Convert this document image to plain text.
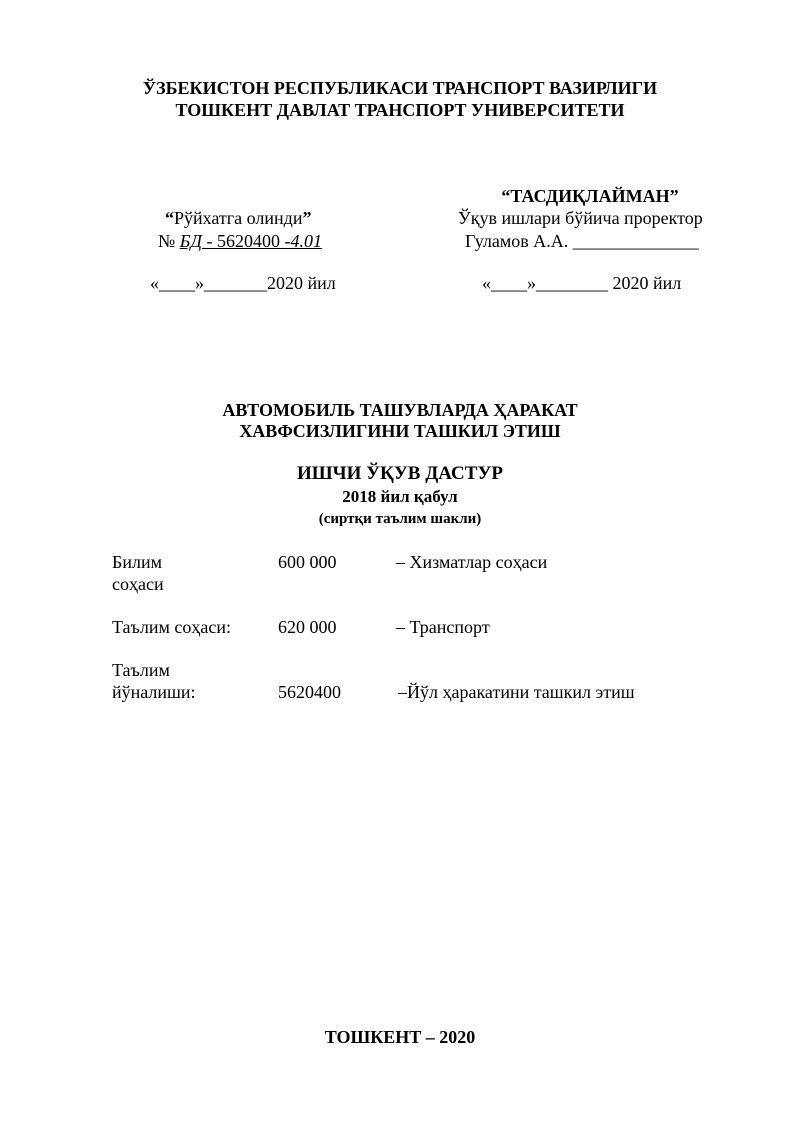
ЎЗБЕКИСТОН РЕСПУБЛИКАСИ ТРАНСПОРТ ВАЗИРЛИГИ
ТОШКЕНТ ДАВЛАТ ТРАНСПОРТ УНИВЕРСИТЕТИ
“ТАСДИҚЛАЙМАН”
Ўқув ишлари бўйича проректор
Гуламов А.А. ______________
«____»________ 2020 йил
“Рўйхатга олинди”
№ БД - 5620400 -4.01
«____»_______2020 йил
АВТОМОБИЛЬ ТАШУВЛАРДА ҲАРАКАТ
ХАВФСИЗЛИГИНИ ТАШКИЛ ЭТИШ
ИШЧИ ЎҚУВ ДАСТУР
2018 йил қабул
(сиртқи таълим шакли)
Билим
соҳаси
600 000	– Хизматлар соҳаси
Таълим соҳаси:	620 000	– Транспорт
Таълим
йўналиши:	5620400	–Йўл ҳаракатини ташкил этиш
ТОШКЕНТ – 2020
